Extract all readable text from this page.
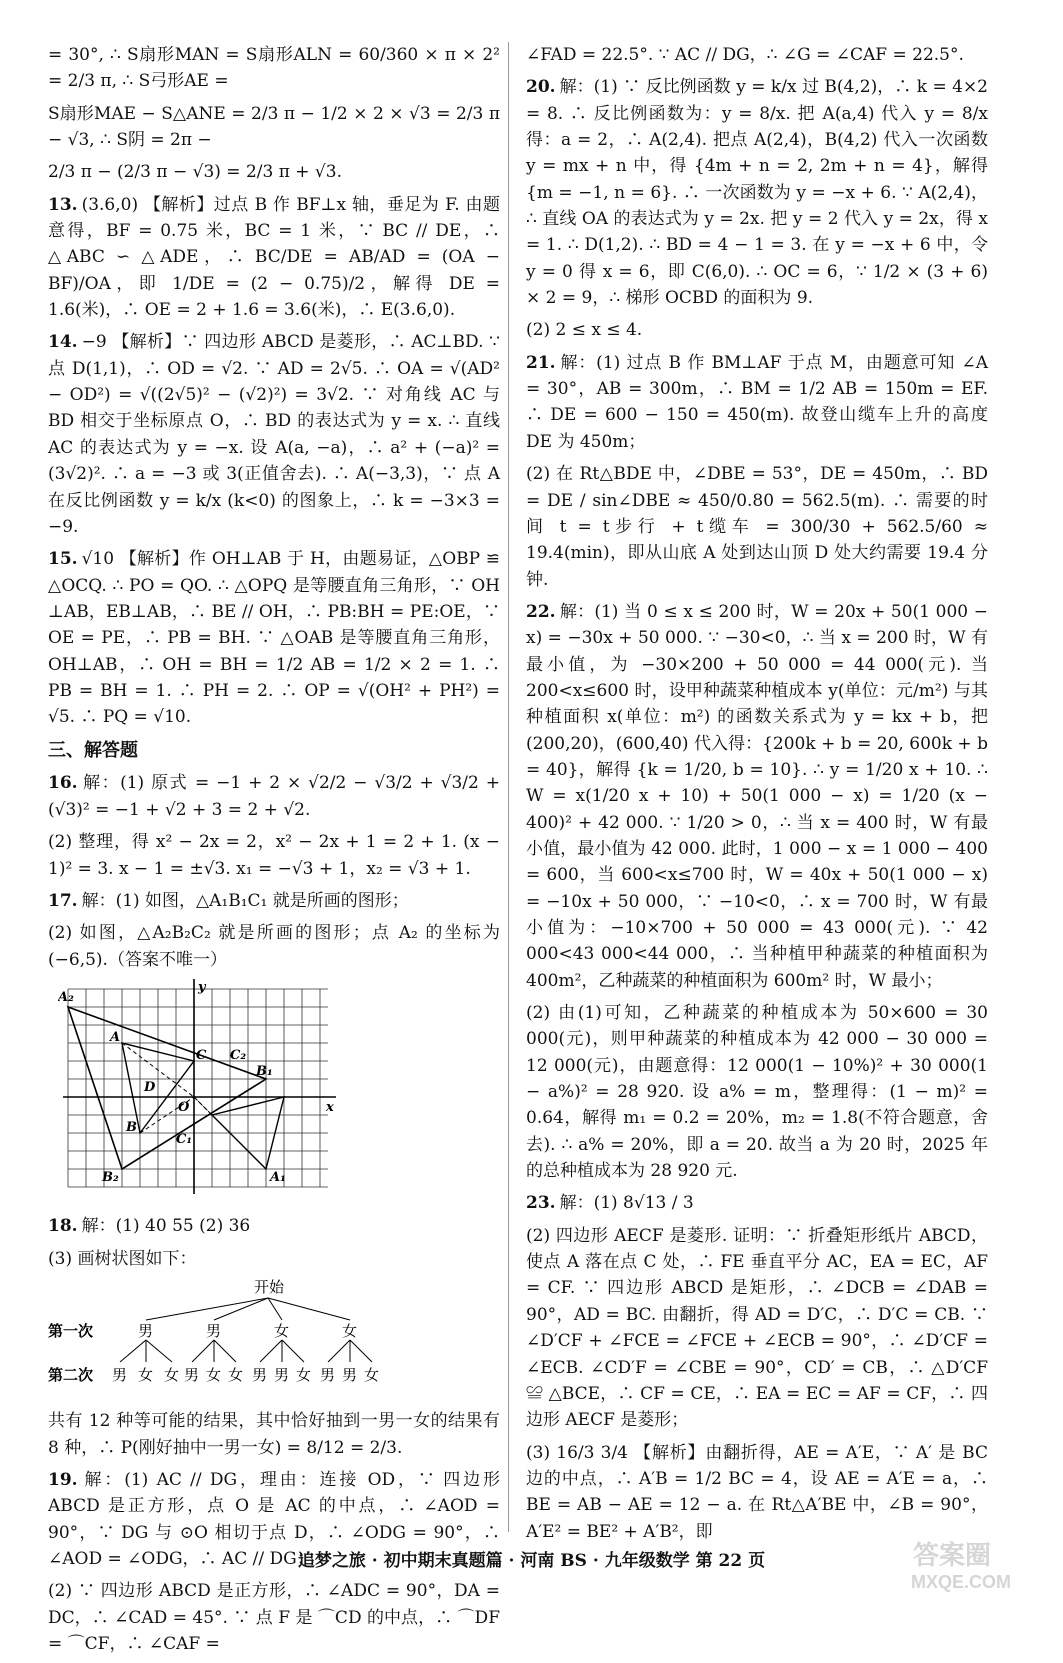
= 30°, ∴ S扇形MAN = S扇形ALN = 60/360 × π × 2² = 2/3 π, ∴ S弓形AE =

S扇形MAE − S△ANE = 2/3 π − 1/2 × 2 × √3 = 2/3 π − √3, ∴ S阴 = 2π −

2/3 π − (2/3 π − √3) = 2/3 π + √3.

13. (3.6,0) 【解析】过点 B 作 BF⊥x 轴，垂足为 F. 由题意得，BF = 0.75 米，BC = 1 米，∵ BC // DE，∴ △ABC ∽ △ADE，∴ BC/DE = AB/AD = (OA − BF)/OA，即 1/DE = (2 − 0.75)/2，解得 DE = 1.6(米)，∴ OE = 2 + 1.6 = 3.6(米)，∴ E(3.6,0).

14. −9 【解析】∵ 四边形 ABCD 是菱形，∴ AC⊥BD. ∵ 点 D(1,1)，∴ OD = √2. ∵ AD = 2√5. ∴ OA = √(AD² − OD²) = √((2√5)² − (√2)²) = 3√2. ∵ 对角线 AC 与 BD 相交于坐标原点 O，∴ BD 的表达式为 y = x. ∴ 直线 AC 的表达式为 y = −x. 设 A(a, −a)，∴ a² + (−a)² = (3√2)². ∴ a = −3 或 3(正值舍去). ∴ A(−3,3)，∵ 点 A 在反比例函数 y = k/x (k<0) 的图象上，∴ k = −3×3 = −9.

15. √10 【解析】作 OH⊥AB 于 H，由题易证，△OBP ≌ △OCQ. ∴ PO = QO. ∴ △OPQ 是等腰直角三角形，∵ OH ⊥AB，EB⊥AB，∴ BE // OH，∴ PB:BH = PE:OE，∵ OE = PE，∴ PB = BH. ∵ △OAB 是等腰直角三角形，OH⊥AB，∴ OH = BH = 1/2 AB = 1/2 × 2 = 1. ∴ PB = BH = 1. ∴ PH = 2. ∴ OP = √(OH² + PH²) = √5. ∴ PQ = √10.

三、解答题

16. 解：(1) 原式 = −1 + 2 × √2/2 − √3/2 + √3/2 + (√3)² = −1 + √2 + 3 = 2 + √2.

(2) 整理，得 x² − 2x = 2，x² − 2x + 1 = 2 + 1. (x − 1)² = 3. x − 1 = ±√3. x₁ = −√3 + 1，x₂ = √3 + 1.

17. 解：(1) 如图，△A₁B₁C₁ 就是所画的图形；

(2) 如图，△A₂B₂C₂ 就是所画的图形；点 A₂ 的坐标为 (−6,5).（答案不唯一）

y
x
O
A₂
A
C C₂
B₁
D
B
C₁
B₂	A₁

18. 解：(1) 40 55 (2) 36

(3) 画树状图如下：

开始
第一次	男	男	女	女
第二次 男 女 女 男 女 女 男 男 女 男 男 女

共有 12 种等可能的结果，其中恰好抽到一男一女的结果有 8 种，∴ P(刚好抽中一男一女) = 8/12 = 2/3.

19. 解：(1) AC // DG，理由：连接 OD，∵ 四边形 ABCD 是正方形，点 O 是 AC 的中点，∴ ∠AOD = 90°，∵ DG 与 ⊙O 相切于点 D，∴ ∠ODG = 90°，∴ ∠AOD = ∠ODG，∴ AC // DG；

(2) ∵ 四边形 ABCD 是正方形，∴ ∠ADC = 90°，DA = DC，∴ ∠CAD = 45°. ∵ 点 F 是 ⌒CD 的中点，∴ ⌒DF = ⌒CF，∴ ∠CAF =

∠FAD = 22.5°. ∵ AC // DG，∴ ∠G = ∠CAF = 22.5°.

20. 解：(1) ∵ 反比例函数 y = k/x 过 B(4,2)，∴ k = 4×2 = 8. ∴ 反比例函数为：y = 8/x. 把 A(a,4) 代入 y = 8/x 得：a = 2，∴ A(2,4). 把点 A(2,4)，B(4,2) 代入一次函数 y = mx + n 中，得 {4m + n = 2, 2m + n = 4}，解得 {m = −1, n = 6}. ∴ 一次函数为 y = −x + 6. ∵ A(2,4)，∴ 直线 OA 的表达式为 y = 2x. 把 y = 2 代入 y = 2x，得 x = 1. ∴ D(1,2). ∴ BD = 4 − 1 = 3. 在 y = −x + 6 中，令 y = 0 得 x = 6，即 C(6,0). ∴ OC = 6，∵ 1/2 × (3 + 6) × 2 = 9，∴ 梯形 OCBD 的面积为 9.

(2) 2 ≤ x ≤ 4.

21. 解：(1) 过点 B 作 BM⊥AF 于点 M，由题意可知 ∠A = 30°，AB = 300m，∴ BM = 1/2 AB = 150m = EF. ∴ DE = 600 − 150 = 450(m). 故登山缆车上升的高度 DE 为 450m；

(2) 在 Rt△BDE 中，∠DBE = 53°，DE = 450m，∴ BD = DE / sin∠DBE ≈ 450/0.80 = 562.5(m). ∴ 需要的时间 t = t步行 + t缆车 = 300/30 + 562.5/60 ≈ 19.4(min)，即从山底 A 处到达山顶 D 处大约需要 19.4 分钟.

22. 解：(1) 当 0 ≤ x ≤ 200 时，W = 20x + 50(1 000 − x) = −30x + 50 000. ∵ −30<0，∴ 当 x = 200 时，W 有最小值，为 −30×200 + 50 000 = 44 000(元). 当 200<x≤600 时，设甲种蔬菜种植成本 y(单位：元/m²) 与其种植面积 x(单位：m²) 的函数关系式为 y = kx + b，把 (200,20)，(600,40) 代入得：{200k + b = 20, 600k + b = 40}，解得 {k = 1/20, b = 10}. ∴ y = 1/20 x + 10. ∴ W = x(1/20 x + 10) + 50(1 000 − x) = 1/20 (x − 400)² + 42 000. ∵ 1/20 > 0，∴ 当 x = 400 时，W 有最小值，最小值为 42 000. 此时，1 000 − x = 1 000 − 400 = 600，当 600<x≤700 时，W = 40x + 50(1 000 − x) = −10x + 50 000，∵ −10<0，∴ x = 700 时，W 有最小值为：−10×700 + 50 000 = 43 000(元). ∵ 42 000<43 000<44 000，∴ 当种植甲种蔬菜的种植面积为 400m²，乙种蔬菜的种植面积为 600m² 时，W 最小；

(2) 由(1)可知，乙种蔬菜的种植成本为 50×600 = 30 000(元)，则甲种蔬菜的种植成本为 42 000 − 30 000 = 12 000(元)，由题意得：12 000(1 − 10%)² + 30 000(1 − a%)² = 28 920. 设 a% = m，整理得：(1 − m)² = 0.64，解得 m₁ = 0.2 = 20%，m₂ = 1.8(不符合题意，舍去). ∴ a% = 20%，即 a = 20. 故当 a 为 20 时，2025 年的总种植成本为 28 920 元.

23. 解：(1) 8√13 / 3

(2) 四边形 AECF 是菱形. 证明：∵ 折叠矩形纸片 ABCD，使点 A 落在点 C 处，∴ FE 垂直平分 AC，EA = EC，AF = CF. ∵ 四边形 ABCD 是矩形，∴ ∠DCB = ∠DAB = 90°，AD = BC. 由翻折，得 AD = D′C，∴ D′C = CB. ∵ ∠D′CF + ∠FCE = ∠FCE + ∠ECB = 90°，∴ ∠D′CF = ∠ECB. ∠CD′F = ∠CBE = 90°，CD′ = CB，∴ △D′CF ≌ △BCE，∴ CF = CE，∴ EA = EC = AF = CF，∴ 四边形 AECF 是菱形；

(3) 16/3 3/4 【解析】由翻折得，AE = A′E，∵ A′ 是 BC 边的中点，∴ A′B = 1/2 BC = 4，设 AE = A′E = a，∴ BE = AB − AE = 12 − a. 在 Rt△A′BE 中，∠B = 90°，A′E² = BE² + A′B²，即

追梦之旅 · 初中期末真题篇 · 河南 BS · 九年级数学 第 22 页	答案圈
MXQE.COM
